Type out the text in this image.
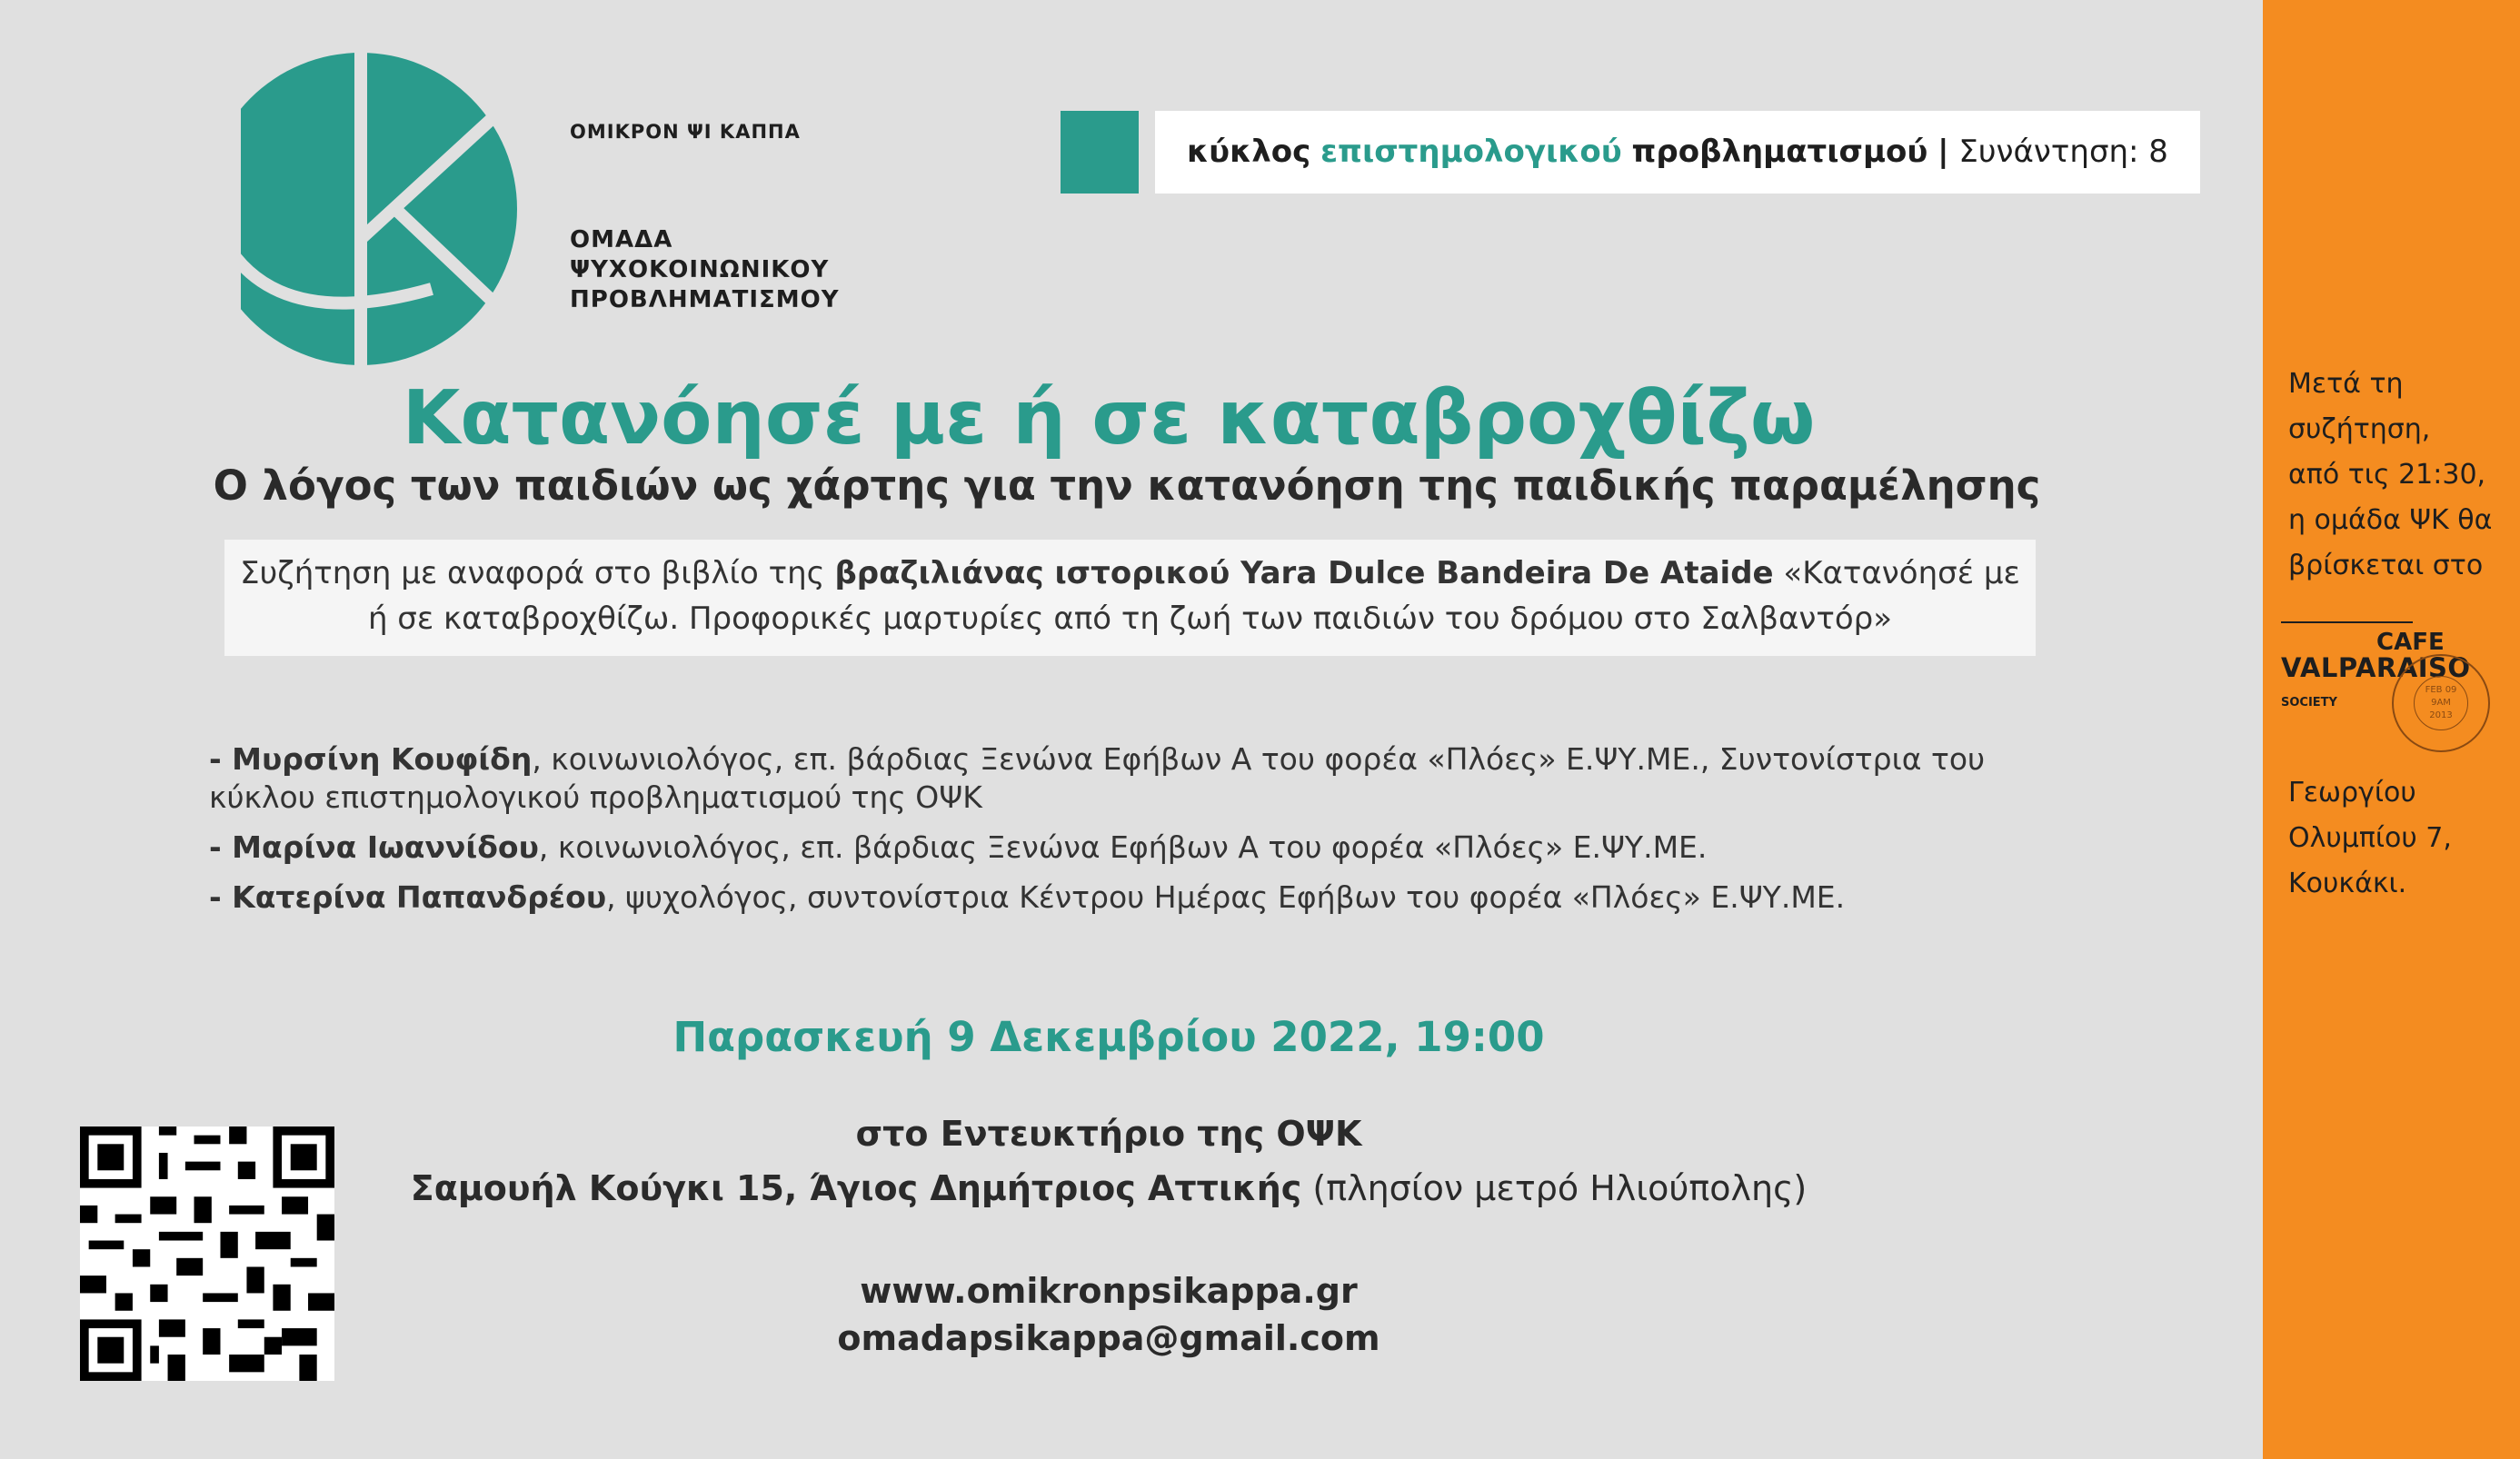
ΟΜΙΚΡΟΝ ΨΙ ΚΑΠΠΑ
ΟΜΑΔΑ
ΨΥΧΟΚΟΙΝΩΝΙΚΟΥ
ΠΡΟΒΛΗΜΑΤΙΣΜΟΥ
κύκλος επιστημολογικού προβληματισμού | Συνάντηση: 8
Κατανόησέ με ή σε καταβροχθίζω
Ο λόγος των παιδιών ως χάρτης για την κατανόηση της παιδικής παραμέλησης
Συζήτηση με αναφορά στο βιβλίο της βραζιλιάνας ιστορικού Yara Dulce Bandeira De Ataide «Κατανόησέ με ή σε καταβροχθίζω. Προφορικές μαρτυρίες από τη ζωή των παιδιών του δρόμου στο Σαλβαντόρ»
- Μυρσίνη Κουφίδη, κοινωνιολόγος, επ. βάρδιας Ξενώνα Εφήβων Α του φορέα «Πλόες» Ε.ΨΥ.ΜΕ., Συντονίστρια του κύκλου επιστημολογικού προβληματισμού της ΟΨΚ
- Μαρίνα Ιωαννίδου, κοινωνιολόγος, επ. βάρδιας Ξενώνα Εφήβων Α του φορέα «Πλόες» Ε.ΨΥ.ΜΕ.
- Κατερίνα Παπανδρέου, ψυχολόγος, συντονίστρια Κέντρου Ημέρας Εφήβων του φορέα «Πλόες» Ε.ΨΥ.ΜΕ.
Παρασκευή 9 Δεκεμβρίου 2022, 19:00
στο Εντευκτήριο της ΟΨΚ
Σαμουήλ Κούγκι 15, Άγιος Δημήτριος Αττικής (πλησίον μετρό Ηλιούπολης)
www.omikronpsikappa.gr
omadapsikappa@gmail.com
Μετά τη
συζήτηση,
από τις 21:30,
η ομάδα ΨΚ θα
βρίσκεται στο
CAFE
VALPARAISO
SOCIETY
FEB 09
9AM
2013
Γεωργίου
Ολυμπίου 7,
Κουκάκι.
